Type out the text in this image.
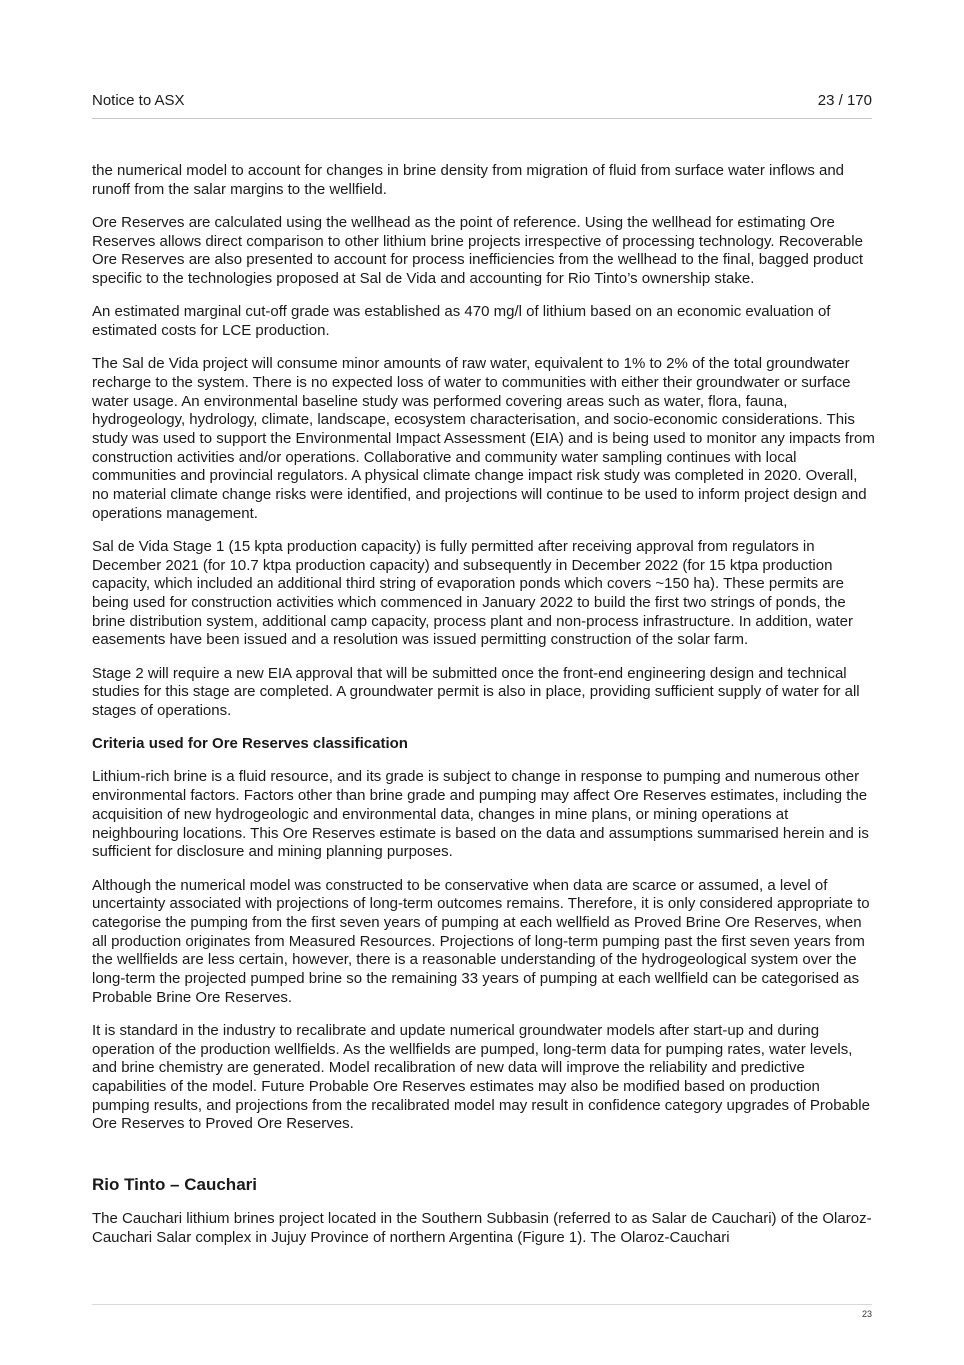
Notice to ASX	23 / 170

the numerical model to account for changes in brine density from migration of fluid from surface water inflows and runoff from the salar margins to the wellfield.

Ore Reserves are calculated using the wellhead as the point of reference. Using the wellhead for estimating Ore Reserves allows direct comparison to other lithium brine projects irrespective of processing technology. Recoverable Ore Reserves are also presented to account for process inefficiencies from the wellhead to the final, bagged product specific to the technologies proposed at Sal de Vida and accounting for Rio Tinto’s ownership stake.

An estimated marginal cut-off grade was established as 470 mg/l of lithium based on an economic evaluation of estimated costs for LCE production.

The Sal de Vida project will consume minor amounts of raw water, equivalent to 1% to 2% of the total groundwater recharge to the system. There is no expected loss of water to communities with either their groundwater or surface water usage. An environmental baseline study was performed covering areas such as water, flora, fauna, hydrogeology, hydrology, climate, landscape, ecosystem characterisation, and socio-economic considerations. This study was used to support the Environmental Impact Assessment (EIA) and is being used to monitor any impacts from construction activities and/or operations. Collaborative and community water sampling continues with local communities and provincial regulators. A physical climate change impact risk study was completed in 2020. Overall, no material climate change risks were identified, and projections will continue to be used to inform project design and operations management.

Sal de Vida Stage 1 (15 kpta production capacity) is fully permitted after receiving approval from regulators in December 2021 (for 10.7 ktpa production capacity) and subsequently in December 2022 (for 15 ktpa production capacity, which included an additional third string of evaporation ponds which covers ~150 ha). These permits are being used for construction activities which commenced in January 2022 to build the first two strings of ponds, the brine distribution system, additional camp capacity, process plant and non-process infrastructure. In addition, water easements have been issued and a resolution was issued permitting construction of the solar farm.

Stage 2 will require a new EIA approval that will be submitted once the front-end engineering design and technical studies for this stage are completed. A groundwater permit is also in place, providing sufficient supply of water for all stages of operations.

Criteria used for Ore Reserves classification

Lithium-rich brine is a fluid resource, and its grade is subject to change in response to pumping and numerous other environmental factors. Factors other than brine grade and pumping may affect Ore Reserves estimates, including the acquisition of new hydrogeologic and environmental data, changes in mine plans, or mining operations at neighbouring locations. This Ore Reserves estimate is based on the data and assumptions summarised herein and is sufficient for disclosure and mining planning purposes.

Although the numerical model was constructed to be conservative when data are scarce or assumed, a level of uncertainty associated with projections of long-term outcomes remains. Therefore, it is only considered appropriate to categorise the pumping from the first seven years of pumping at each wellfield as Proved Brine Ore Reserves, when all production originates from Measured Resources. Projections of long-term pumping past the first seven years from the wellfields are less certain, however, there is a reasonable understanding of the hydrogeological system over the long-term the projected pumped brine so the remaining 33 years of pumping at each wellfield can be categorised as Probable Brine Ore Reserves.

It is standard in the industry to recalibrate and update numerical groundwater models after start-up and during operation of the production wellfields. As the wellfields are pumped, long-term data for pumping rates, water levels, and brine chemistry are generated. Model recalibration of new data will improve the reliability and predictive capabilities of the model. Future Probable Ore Reserves estimates may also be modified based on production pumping results, and projections from the recalibrated model may result in confidence category upgrades of Probable Ore Reserves to Proved Ore Reserves.

Rio Tinto – Cauchari

The Cauchari lithium brines project located in the Southern Subbasin (referred to as Salar de Cauchari) of the Olaroz-Cauchari Salar complex in Jujuy Province of northern Argentina (Figure 1). The Olaroz-Cauchari

23
